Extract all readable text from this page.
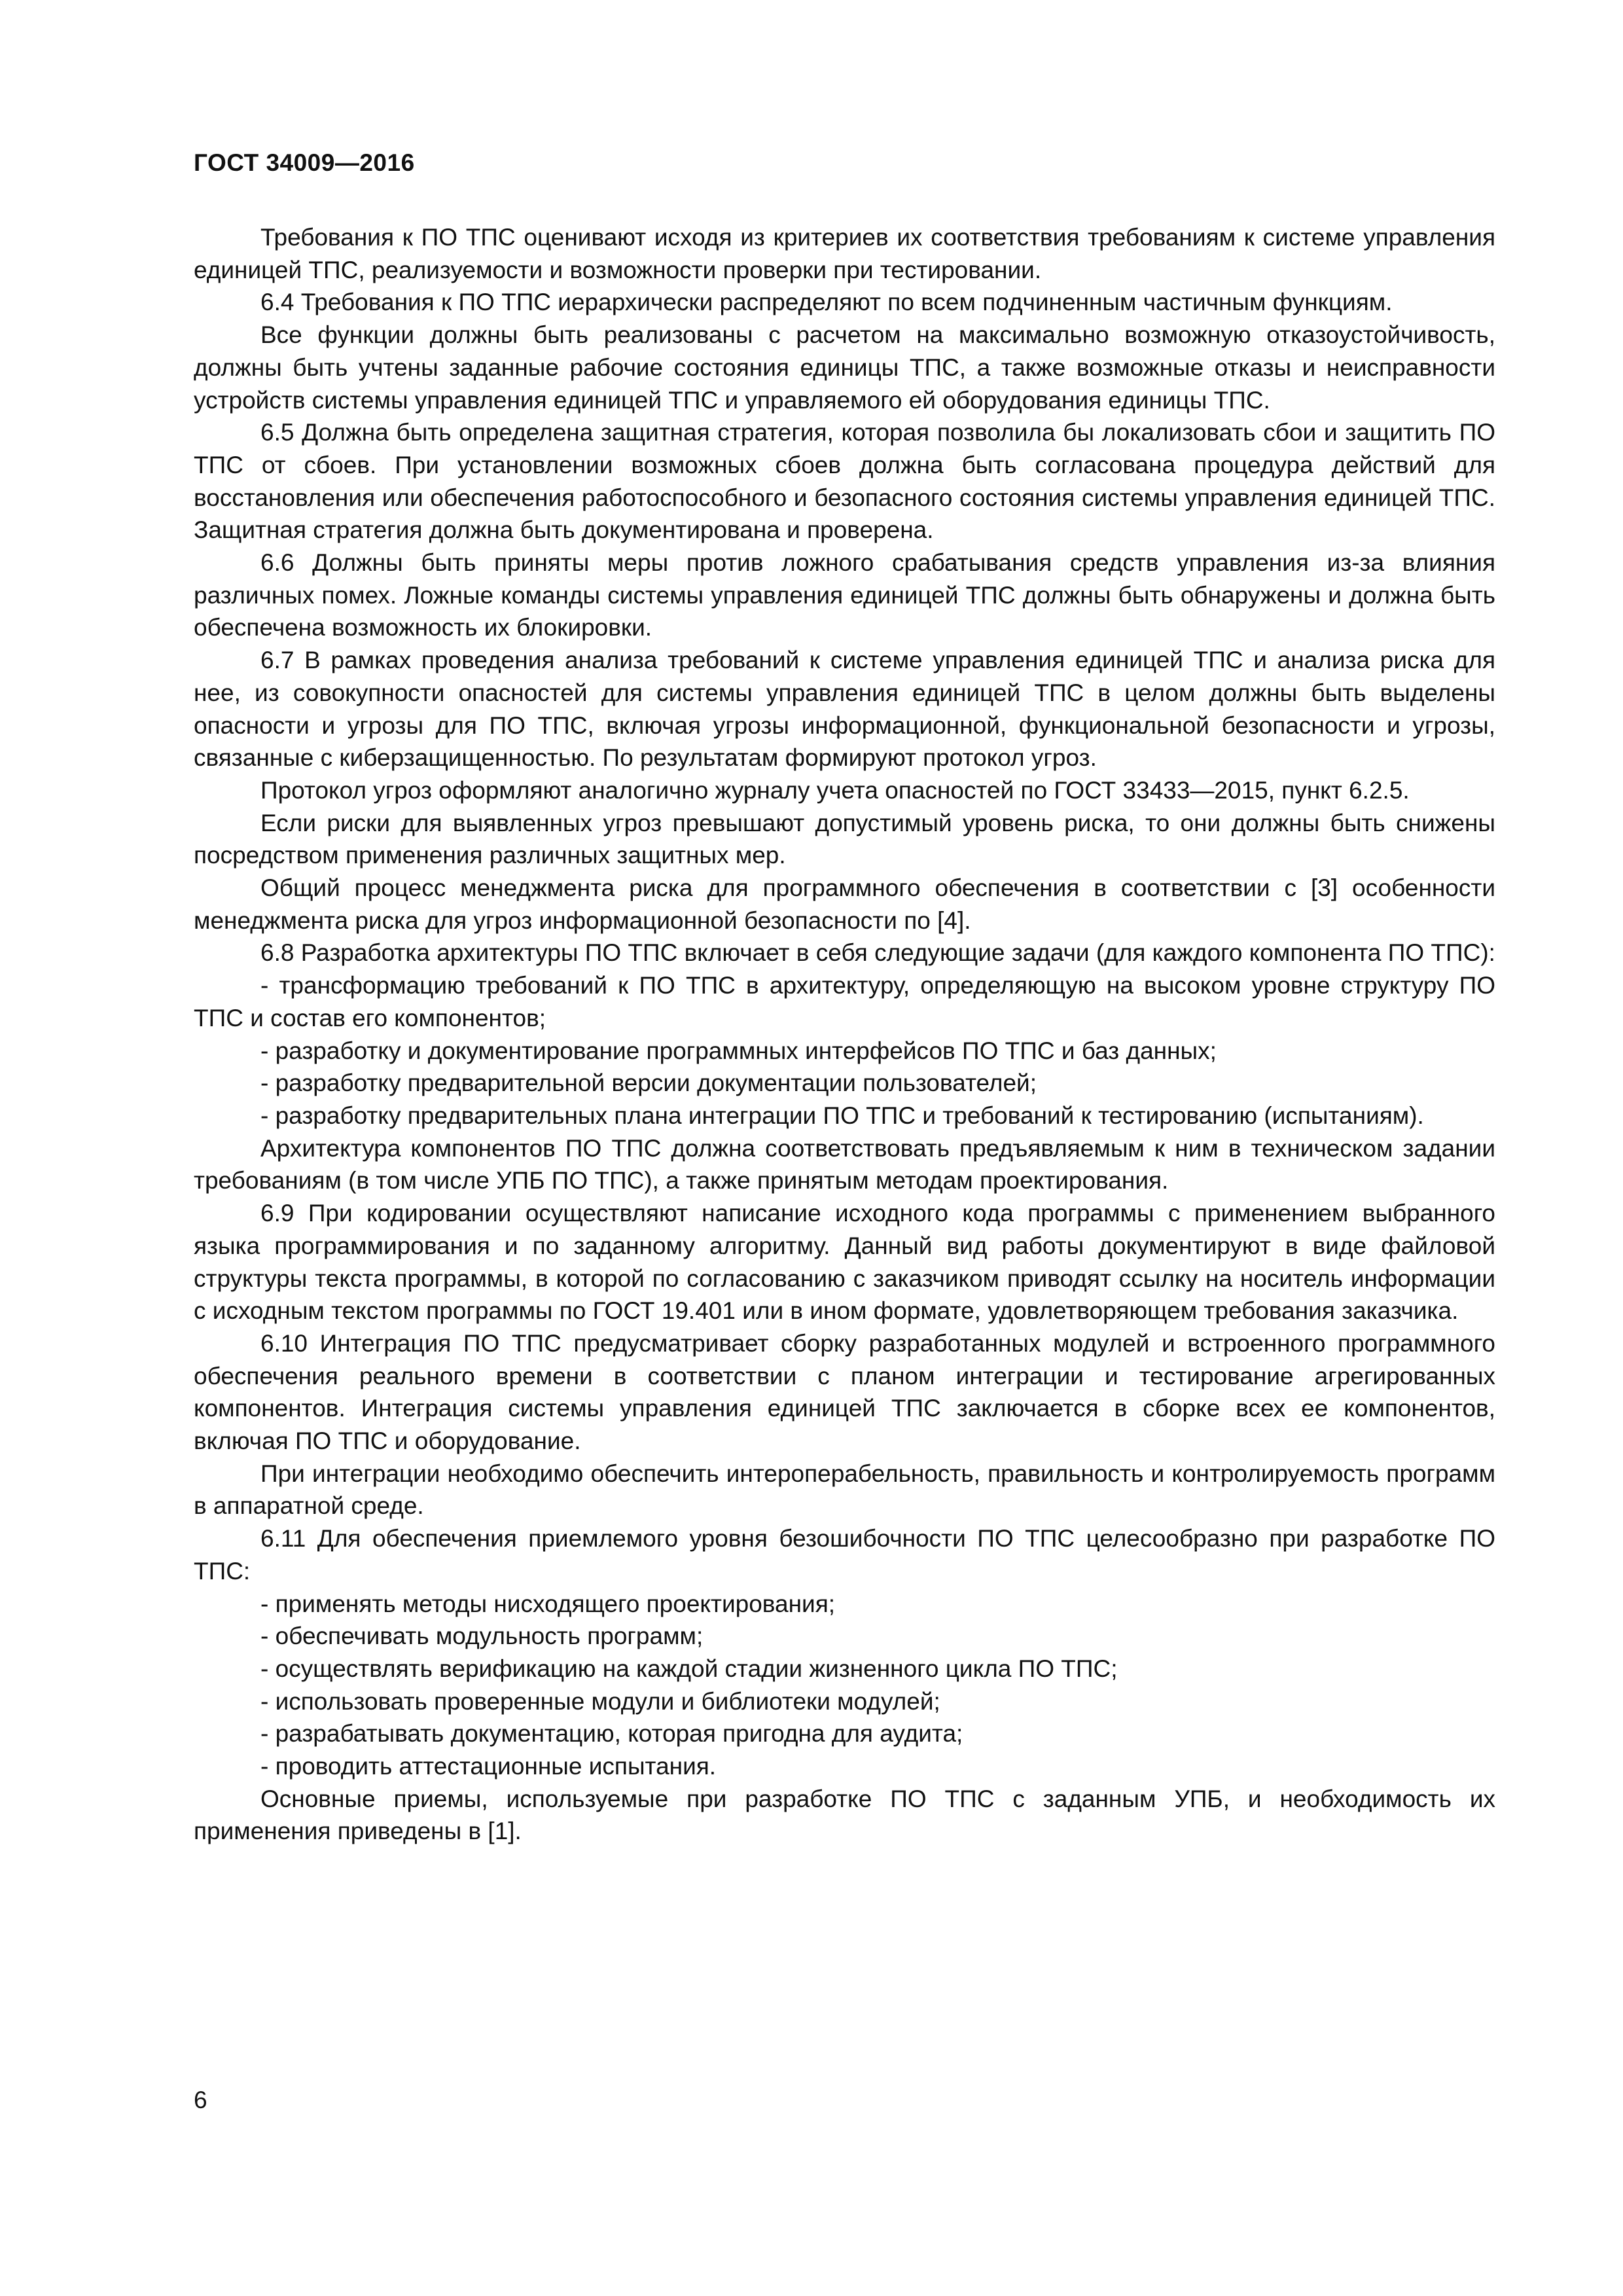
ГОСТ 34009—2016

Требования к ПО ТПС оценивают исходя из критериев их соответствия требованиям к системе управления единицей ТПС, реализуемости и возможности проверки при тестировании.

6.4 Требования к ПО ТПС иерархически распределяют по всем подчиненным частичным функциям.

Все функции должны быть реализованы с расчетом на максимально возможную отказоустойчивость, должны быть учтены заданные рабочие состояния единицы ТПС, а также возможные отказы и неисправности устройств системы управления единицей ТПС и управляемого ей оборудования единицы ТПС.

6.5 Должна быть определена защитная стратегия, которая позволила бы локализовать сбои и защитить ПО ТПС от сбоев. При установлении возможных сбоев должна быть согласована процедура действий для восстановления или обеспечения работоспособного и безопасного состояния системы управления единицей ТПС. Защитная стратегия должна быть документирована и проверена.

6.6 Должны быть приняты меры против ложного срабатывания средств управления из-за влияния различных помех. Ложные команды системы управления единицей ТПС должны быть обнаружены и должна быть обеспечена возможность их блокировки.

6.7 В рамках проведения анализа требований к системе управления единицей ТПС и анализа риска для нее, из совокупности опасностей для системы управления единицей ТПС в целом должны быть выделены опасности и угрозы для ПО ТПС, включая угрозы информационной, функциональной безопасности и угрозы, связанные с киберзащищенностью. По результатам формируют протокол угроз.

Протокол угроз оформляют аналогично журналу учета опасностей по ГОСТ 33433—2015, пункт 6.2.5.

Если риски для выявленных угроз превышают допустимый уровень риска, то они должны быть снижены посредством применения различных защитных мер.

Общий процесс менеджмента риска для программного обеспечения в соответствии с [3] особенности менеджмента риска для угроз информационной безопасности по [4].

6.8 Разработка архитектуры ПО ТПС включает в себя следующие задачи (для каждого компонента ПО ТПС):

- трансформацию требований к ПО ТПС в архитектуру, определяющую на высоком уровне структуру ПО ТПС и состав его компонентов;

- разработку и документирование программных интерфейсов ПО ТПС и баз данных;

- разработку предварительной версии документации пользователей;

- разработку предварительных плана интеграции ПО ТПС и требований к тестированию (испытаниям).

Архитектура компонентов ПО ТПС должна соответствовать предъявляемым к ним в техническом задании требованиям (в том числе УПБ ПО ТПС), а также принятым методам проектирования.

6.9 При кодировании осуществляют написание исходного кода программы с применением выбранного языка программирования и по заданному алгоритму. Данный вид работы документируют в виде файловой структуры текста программы, в которой по согласованию с заказчиком приводят ссылку на носитель информации с исходным текстом программы по ГОСТ 19.401 или в ином формате, удовлетворяющем требования заказчика.

6.10 Интеграция ПО ТПС предусматривает сборку разработанных модулей и встроенного программного обеспечения реального времени в соответствии с планом интеграции и тестирование агрегированных компонентов. Интеграция системы управления единицей ТПС заключается в сборке всех ее компонентов, включая ПО ТПС и оборудование.

При интеграции необходимо обеспечить интероперабельность, правильность и контролируемость программ в аппаратной среде.

6.11 Для обеспечения приемлемого уровня безошибочности ПО ТПС целесообразно при разработке ПО ТПС:

- применять методы нисходящего проектирования;

- обеспечивать модульность программ;

- осуществлять верификацию на каждой стадии жизненного цикла ПО ТПС;

- использовать проверенные модули и библиотеки модулей;

- разрабатывать документацию, которая пригодна для аудита;

- проводить аттестационные испытания.

Основные приемы, используемые при разработке ПО ТПС с заданным УПБ, и необходимость их применения приведены в [1].

6
